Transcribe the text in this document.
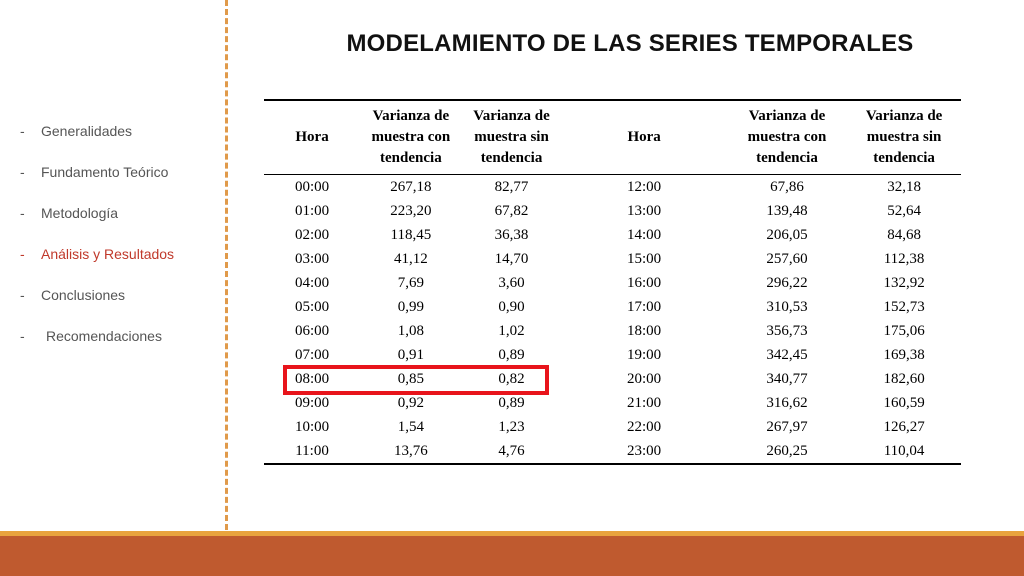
-	Generalidades
-	Fundamento Teórico
-	Metodología
-	Análisis y Resultados
-	Conclusiones
-	Recomendaciones
MODELAMIENTO DE LAS SERIES TEMPORALES
Hora	Varianza de muestra con tendencia	Varianza de muestra sin tendencia	Hora	Varianza de muestra con tendencia	Varianza de muestra sin tendencia
00:00	267,18	82,77	12:00	67,86	32,18
01:00	223,20	67,82	13:00	139,48	52,64
02:00	118,45	36,38	14:00	206,05	84,68
03:00	41,12	14,70	15:00	257,60	112,38
04:00	7,69	3,60	16:00	296,22	132,92
05:00	0,99	0,90	17:00	310,53	152,73
06:00	1,08	1,02	18:00	356,73	175,06
07:00	0,91	0,89	19:00	342,45	169,38
08:00	0,85	0,82	20:00	340,77	182,60
09:00	0,92	0,89	21:00	316,62	160,59
10:00	1,54	1,23	22:00	267,97	126,27
11:00	13,76	4,76	23:00	260,25	110,04
